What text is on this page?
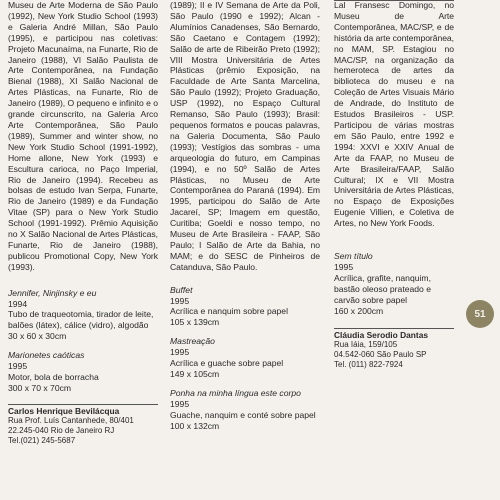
Museu de Arte Moderna de São Paulo (1992), New York Studio School (1993) e Galeria André Millan, São Paulo (1995), e participou nas coletivas: Projeto Macunaíma, na Funarte, Rio de Janeiro (1988), VI Salão Paulista de Arte Contemporânea, na Fundação Bienal (1988), XI Salão Nacional de Artes Plásticas, na Funarte, Rio de Janeiro (1989), O pequeno e infinito e o grande circunscrito, na Galeria Arco Arte Contemporânea, São Paulo (1989), Summer and winter show, no New York Studio School (1991-1992), Home allone, New York (1993) e Escultura carioca, no Paço Imperial, Rio de Janeiro (1994). Recebeu as bolsas de estudo Ivan Serpa, Funarte, Rio de Janeiro (1989) e da Fundação Vitae (SP) para o New York Studio School (1991-1992). Prêmio Aquisição no X Salão Nacional de Artes Plásticas, Funarte, Rio de Janeiro (1988), publicou Promotional Copy, New York (1993).

Jennifer, Ninjinsky e eu
1994
Tubo de traqueotomia, tirador de leite, balões (látex), cálice (vidro), algodão
30 x 60 x 30cm
Marionetes caóticas
1995
Motor, bola de borracha
300 x 70 x 70cm
Carlos Henrique Bevilácqua
Rua Prof. Luís Cantanhede, 80/401
22.245-040 Rio de Janeiro RJ
Tel.(021) 245-5687

(1989); II e IV Semana de Arte da Poli, São Paulo (1990 e 1992); Alcan - Alumínios Canadenses, São Bernardo, São Caetano e Contagem (1992); Salão de arte de Ribeirão Preto (1992); VIII Mostra Universitária de Artes Plásticas (prêmio Exposição, na Faculdade de Arte Santa Marcelina, São Paulo (1992); Projeto Graduação, USP (1992), no Espaço Cultural Remanso, São Paulo (1993); Brasil: pequenos formatos e poucas palavras, na Galeria Documenta, São Paulo (1993); Vestígios das sombras - uma arqueologia do futuro, em Campinas (1994), e no 50º Salão de Artes Plásticas, no Museu de Arte Contemporânea do Paraná (1994). Em 1995, participou do Salão de Arte Jacareí, SP; Imagem em questão, Curitiba; Goeldi e nosso tempo, no Museu de Arte Brasileira - FAAP, São Paulo; I Salão de Arte da Bahia, no MAM; e do SESC de Pinheiros de Catanduva, São Paulo.

Buffet
1995
Acrílica e nanquim sobre papel
105 x 139cm
Mastreação
1995
Acrílica e guache sobre papel
149 x 105cm
Ponha na minha língua este corpo
1995
Guache, nanquim e conté sobre papel
100 x 132cm

Lal Fransesc Domingo, no Museu de Arte Contemporânea, MAC/SP, e de história da arte contemporânea, no MAM, SP. Estagiou no MAC/SP, na organização da hemeroteca de artes da biblioteca do museu e na Coleção de Artes Visuais Mário de Andrade, do Instituto de Estudos Brasileiros - USP. Participou de várias mostras em São Paulo, entre 1992 e 1994: XXVI e XXIV Anual de Arte da FAAP, no Museu de Arte Brasileira/FAAP, Salão Cultural; IX e VII Mostra Universitária de Artes Plásticas, no Espaço de Exposições Eugenie Villien, e Coletiva de Artes, no New York Foods.

Sem título
1995
Acrílica, grafite, nanquim, bastão oleoso prateado e carvão sobre papel
160 x 200cm
Cláudia Serodio Dantas
Rua Iáia, 159/105
04.542-060 São Paulo SP
Tel. (011) 822-7924
51
